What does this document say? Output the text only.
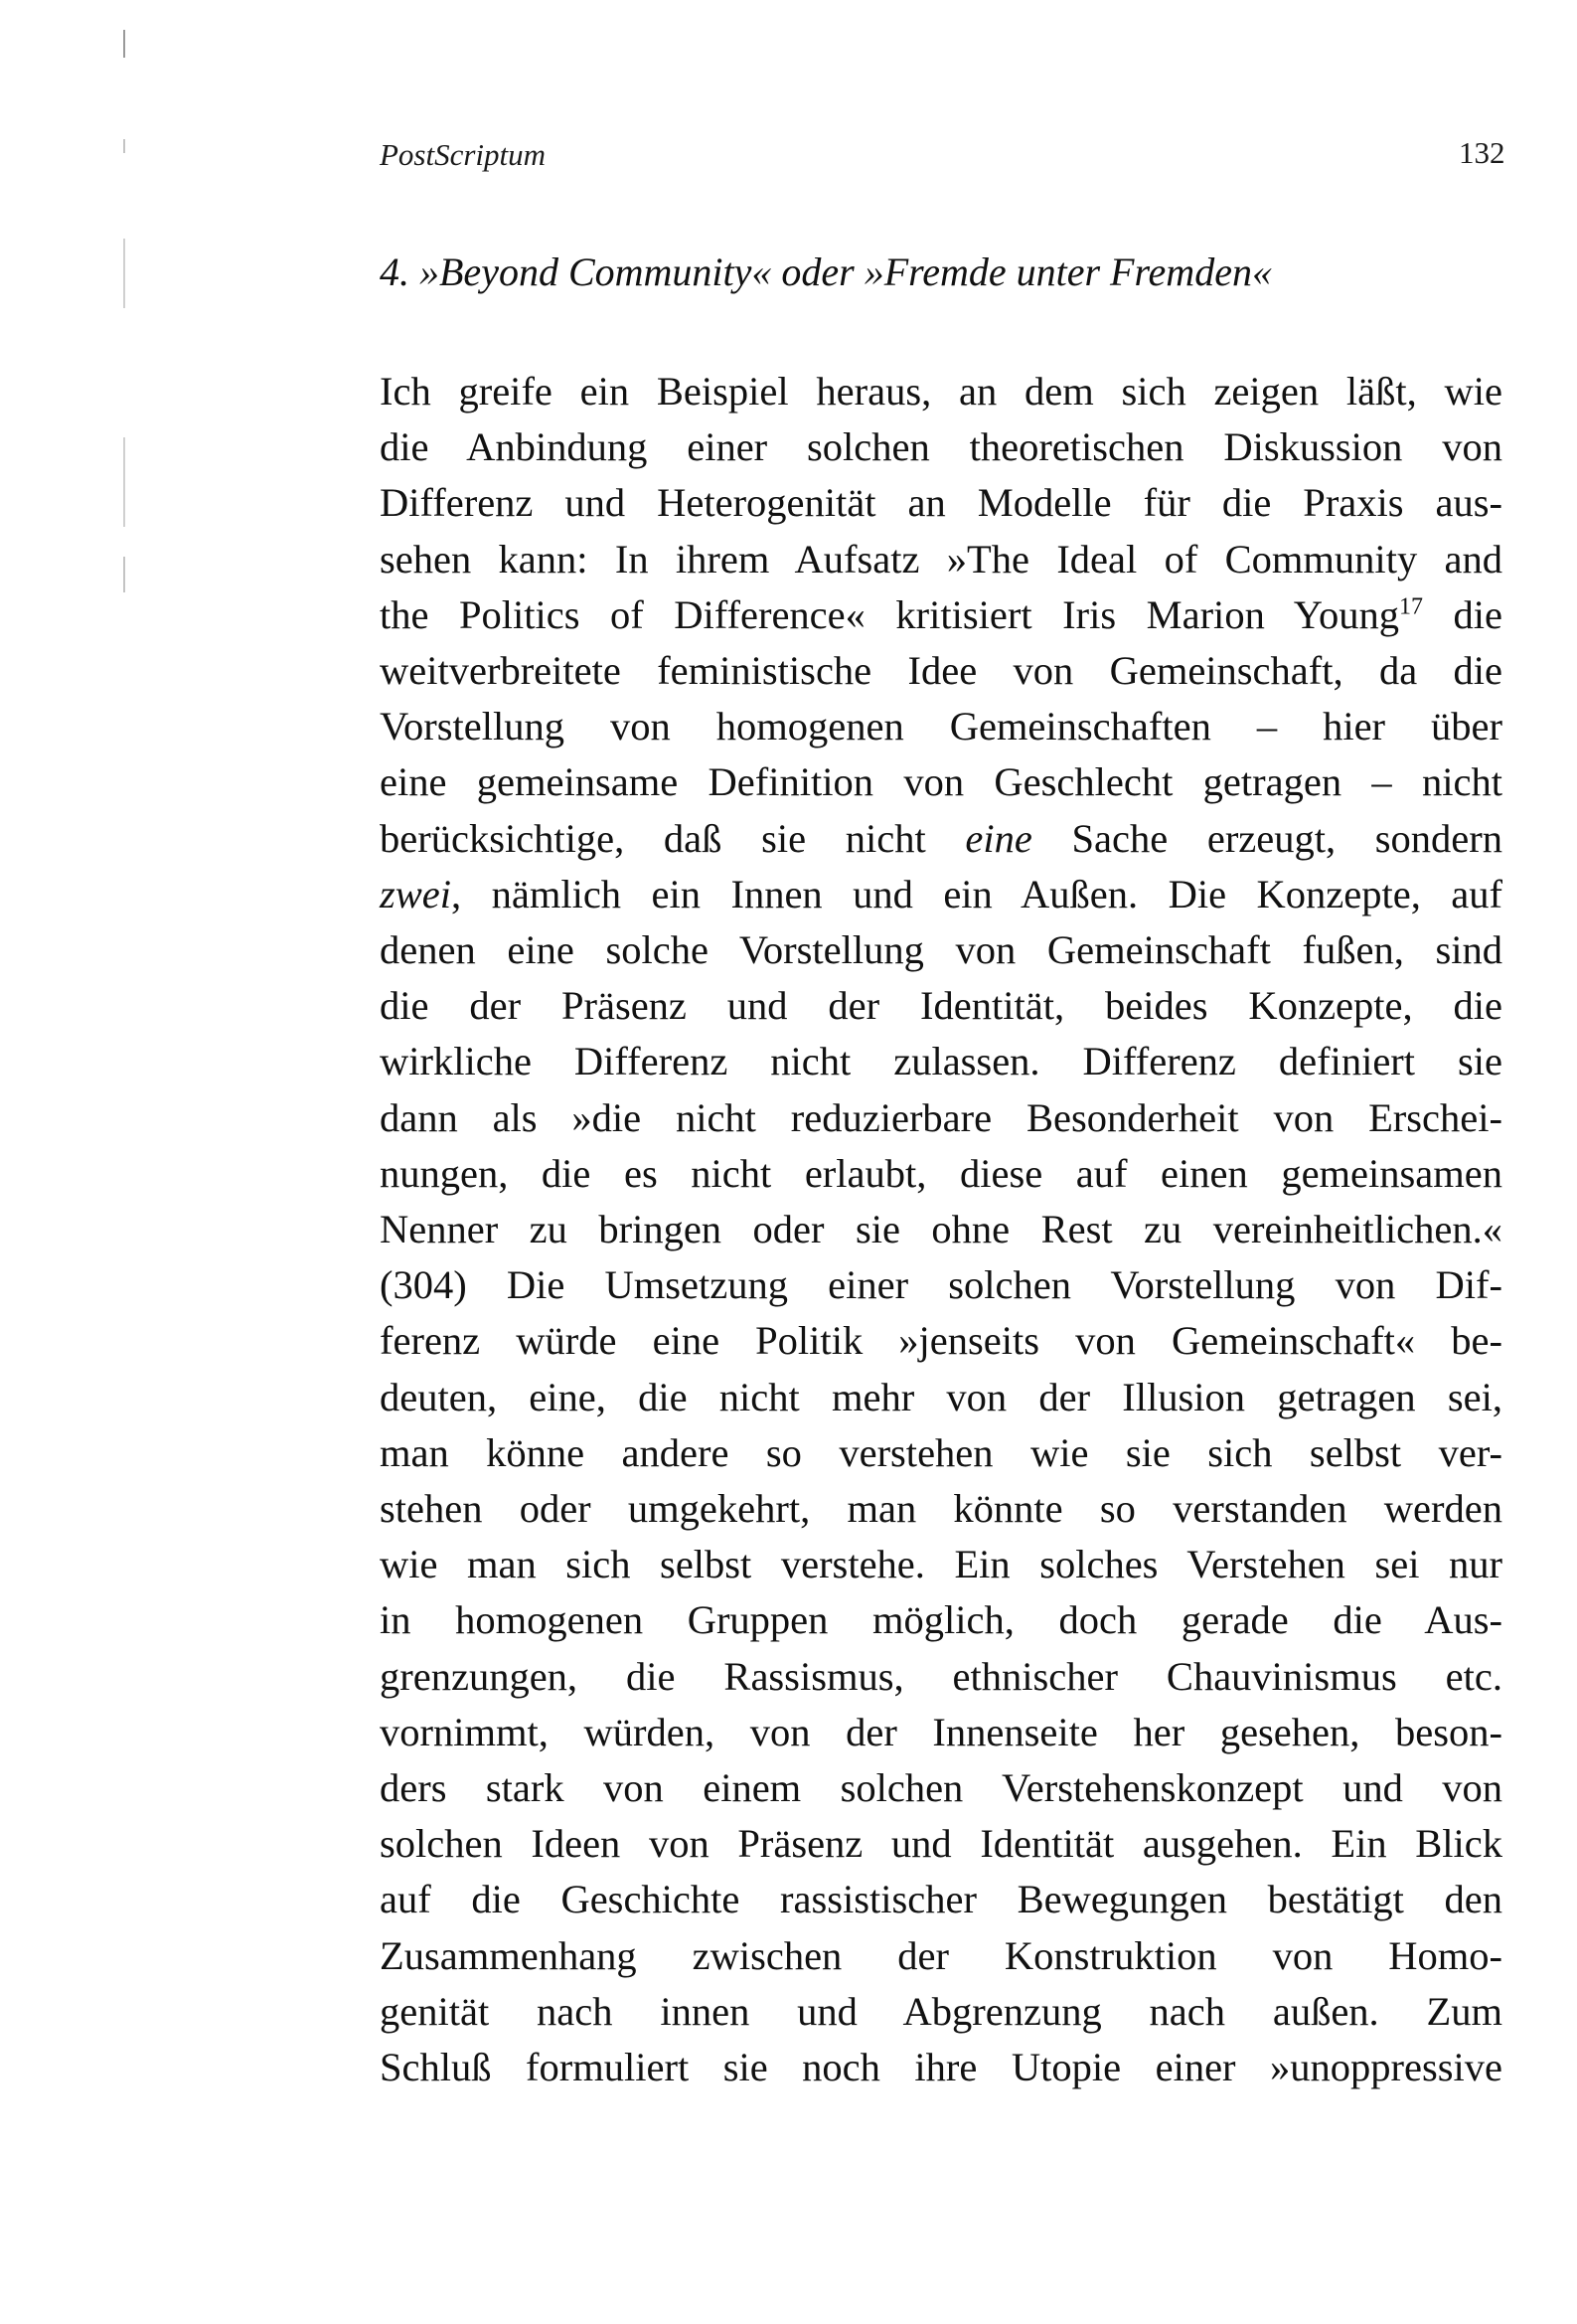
PostScriptum	132
4. »Beyond Community« oder »Fremde unter Fremden«
Ich greife ein Beispiel heraus, an dem sich zeigen läßt, wie
die Anbindung einer solchen theoretischen Diskussion von
Differenz und Heterogenität an Modelle für die Praxis aus-
sehen kann: In ihrem Aufsatz »The Ideal of Community and
the Politics of Difference« kritisiert Iris Marion Young$^{17}$ die
weitverbreitete feministische Idee von Gemeinschaft, da die
Vorstellung von homogenen Gemeinschaften – hier über
eine gemeinsame Definition von Geschlecht getragen – nicht
berücksichtige, daß sie nicht eine Sache erzeugt, sondern
zwei, nämlich ein Innen und ein Außen. Die Konzepte, auf
denen eine solche Vorstellung von Gemeinschaft fußen, sind
die der Präsenz und der Identität, beides Konzepte, die
wirkliche Differenz nicht zulassen. Differenz definiert sie
dann als »die nicht reduzierbare Besonderheit von Erschei-
nungen, die es nicht erlaubt, diese auf einen gemeinsamen
Nenner zu bringen oder sie ohne Rest zu vereinheitlichen.«
(304) Die Umsetzung einer solchen Vorstellung von Dif-
ferenz würde eine Politik »jenseits von Gemeinschaft« be-
deuten, eine, die nicht mehr von der Illusion getragen sei,
man könne andere so verstehen wie sie sich selbst ver-
stehen oder umgekehrt, man könnte so verstanden werden
wie man sich selbst verstehe. Ein solches Verstehen sei nur
in homogenen Gruppen möglich, doch gerade die Aus-
grenzungen, die Rassismus, ethnischer Chauvinismus etc.
vornimmt, würden, von der Innenseite her gesehen, beson-
ders stark von einem solchen Verstehenskonzept und von
solchen Ideen von Präsenz und Identität ausgehen. Ein Blick
auf die Geschichte rassistischer Bewegungen bestätigt den
Zusammenhang zwischen der Konstruktion von Homo-
genität nach innen und Abgrenzung nach außen. Zum
Schluß formuliert sie noch ihre Utopie einer »unoppressive
